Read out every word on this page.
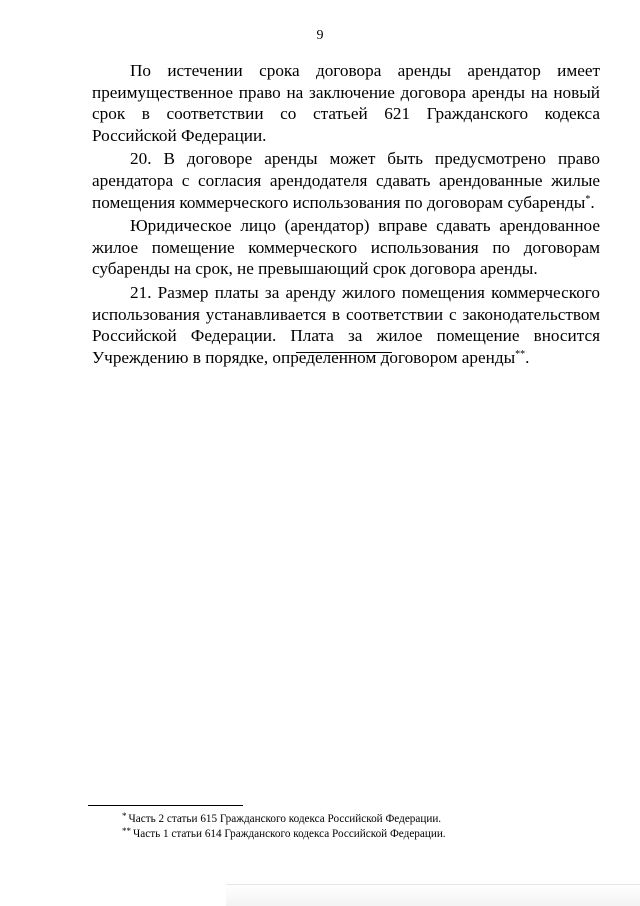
9

По истечении срока договора аренды арендатор имеет преимущественное право на заключение договора аренды на новый срок в соответствии со статьей 621 Гражданского кодекса Российской Федерации.

20. В договоре аренды может быть предусмотрено право арендатора с согласия арендодателя сдавать арендованные жилые помещения коммерческого использования по договорам субаренды*.

Юридическое лицо (арендатор) вправе сдавать арендованное жилое помещение коммерческого использования по договорам субаренды на срок, не превышающий срок договора аренды.

21. Размер платы за аренду жилого помещения коммерческого использования устанавливается в соответствии с законодательством Российской Федерации. Плата за жилое помещение вносится Учреждению в порядке, определенном договором аренды**.

* Часть 2 статьи 615 Гражданского кодекса Российской Федерации.
** Часть 1 статьи 614 Гражданского кодекса Российской Федерации.
